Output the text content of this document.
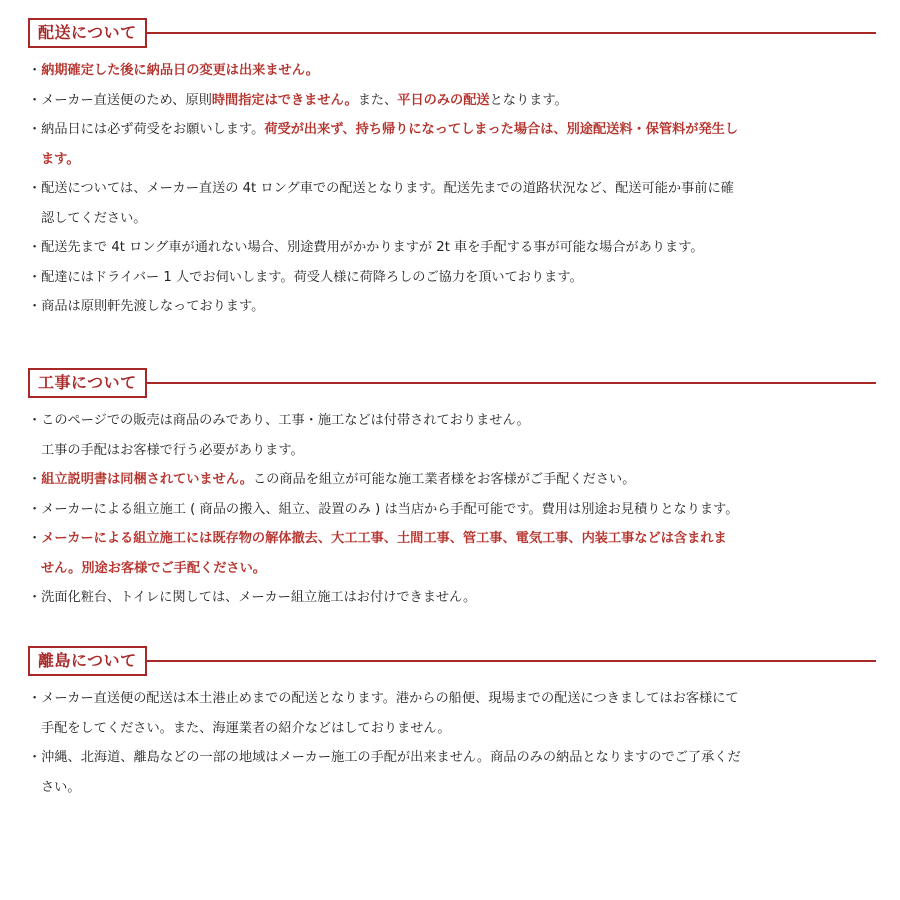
配送について
・納期確定した後に納品日の変更は出来ません。
・メーカー直送便のため、原則時間指定はできません。また、平日のみの配送となります。
・納品日には必ず荷受をお願いします。荷受が出来ず、持ち帰りになってしまった場合は、別途配送料・保管料が発生し
ます。
・配送については、メーカー直送の 4t ロング車での配送となります。配送先までの道路状況など、配送可能か事前に確
認してください。
・配送先まで 4t ロング車が通れない場合、別途費用がかかりますが 2t 車を手配する事が可能な場合があります。
・配達にはドライバー 1 人でお伺いします。荷受人様に荷降ろしのご協力を頂いております。
・商品は原則軒先渡しなっております。
工事について
・このページでの販売は商品のみであり、工事・施工などは付帯されておりません。
工事の手配はお客様で行う必要があります。
・組立説明書は同梱されていません。この商品を組立が可能な施工業者様をお客様がご手配ください。
・メーカーによる組立施工 ( 商品の搬入、組立、設置のみ ) は当店から手配可能です。費用は別途お見積りとなります。
・メーカーによる組立施工には既存物の解体撤去、大工工事、土間工事、管工事、電気工事、内装工事などは含まれま
せん。別途お客様でご手配ください。
・洗面化粧台、トイレに関しては、メーカー組立施工はお付けできません。
離島について
・メーカー直送便の配送は本土港止めまでの配送となります。港からの船便、現場までの配送につきましてはお客様にて
手配をしてください。また、海運業者の紹介などはしておりません。
・沖縄、北海道、離島などの一部の地域はメーカー施工の手配が出来ません。商品のみの納品となりますのでご了承くだ
さい。
